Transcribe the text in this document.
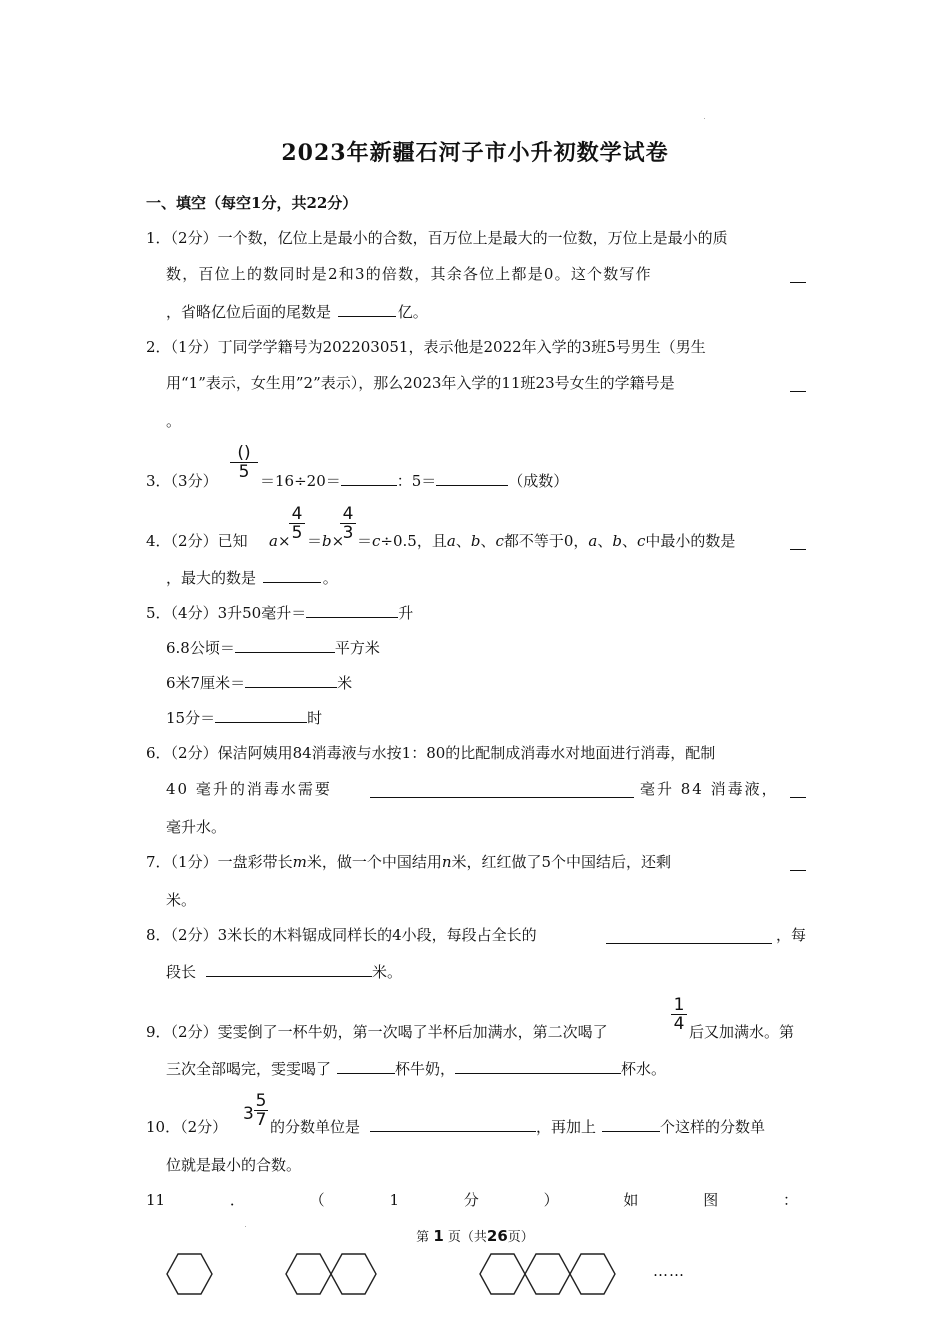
2023年新疆石河子市小升初数学试卷
一、填空（每空1分，共22分）
1．（2分）一个数，亿位上是最小的合数，百万位上是最大的一位数，万位上是最小的质
数，百位上的数同时是2和3的倍数，其余各位上都是0。这个数写作
，省略亿位后面的尾数是	亿。
2．（1分）丁同学学籍号为202203051，表示他是2022年入学的3班5号男生（男生
用“1”表示，女生用”2”表示），那么2023年入学的11班23号女生的学籍号是
。
3．（3分）
()
5 ＝16÷20＝	：5＝	（成数）
4．（2分）已知 a×
4
5 ＝b×
4
3 ＝c÷0.5，且a、b、c都不等于0，a、b、c中最小的数是
，最大的数是	。
5．（4分）3升50毫升＝	升
6.8公顷＝	平方米
6米7厘米＝	米
15分＝	时
6．（2分）保洁阿姨用84消毒液与水按1：80的比配制成消毒水对地面进行消毒，配制
40 毫升的消毒水需要	毫升 84 消毒液，
毫升水。
7．（1分）一盘彩带长m米，做一个中国结用n米，红红做了5个中国结后，还剩
米。
8．（2分）3米长的木料锯成同样长的4小段，每段占全长的	，每
段长	米。
9．（2分）雯雯倒了一杯牛奶，第一次喝了半杯后加满水，第二次喝了
1
4 后又加满水。第
三次全部喝完，雯雯喝了	杯牛奶，	杯水。
10．（2分）
3
5
7 的分数单位是	，再加上	个这样的分数单
位就是最小的合数。
11	．	（	1	分	）	如	图	：
第 1 页（共26页）
……
